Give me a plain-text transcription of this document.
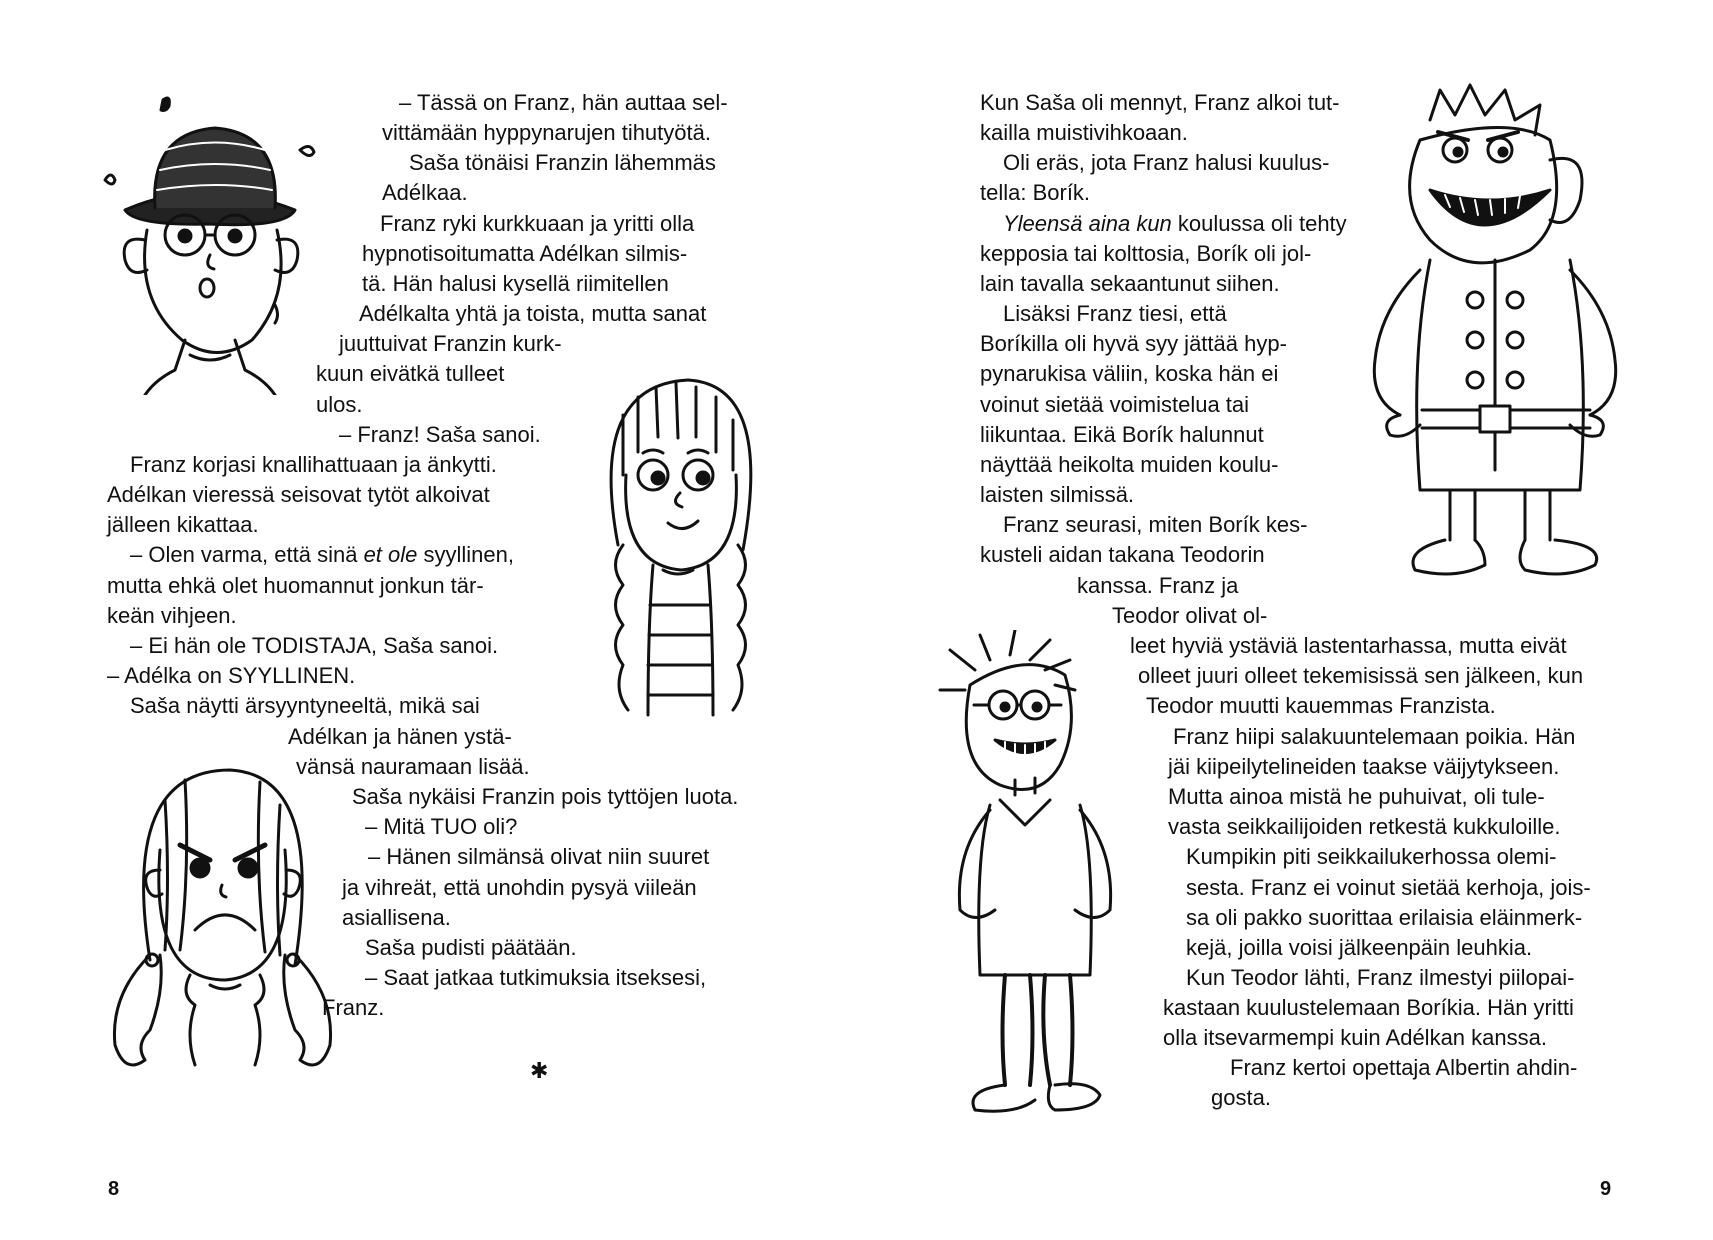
– Tässä on Franz, hän auttaa sel-
vittämään hyppynarujen tihutyötä.
Saša tönäisi Franzin lähemmäs
Adélkaa.
Franz ryki kurkkuaan ja yritti olla
hypnotisoitumatta Adélkan silmis-
tä. Hän halusi kysellä riimitellen
Adélkalta yhtä ja toista, mutta sanat
juuttuivat Franzin kurk-
kuun eivätkä tulleet
ulos.
– Franz! Saša sanoi.
Franz korjasi knallihattuaan ja änkytti.
Adélkan vieressä seisovat tytöt alkoivat
jälleen kikattaa.
– Olen varma, että sinä et ole syyllinen,
mutta ehkä olet huomannut jonkun tär-
keän vihjeen.
– Ei hän ole TODISTAJA, Saša sanoi.
– Adélka on SYYLLINEN.
Saša näytti ärsyyntyneeltä, mikä sai
Adélkan ja hänen ystä-
vänsä nauramaan lisää.
Saša nykäisi Franzin pois tyttöjen luota.
– Mitä TUO oli?
– Hänen silmänsä olivat niin suuret
ja vihreät, että unohdin pysyä viileän
asiallisena.
Saša pudisti päätään.
– Saat jatkaa tutkimuksia itseksesi,
Franz.
✱
8
Kun Saša oli mennyt, Franz alkoi tut-
kailla muistivihkoaan.
Oli eräs, jota Franz halusi kuulus-
tella: Borík.
Yleensä aina kun koulussa oli tehty
kepposia tai kolttosia, Borík oli jol-
lain tavalla sekaantunut siihen.
Lisäksi Franz tiesi, että
Boríkilla oli hyvä syy jättää hyp-
pynarukisa väliin, koska hän ei
voinut sietää voimistelua tai
liikuntaa. Eikä Borík halunnut
näyttää heikolta muiden koulu-
laisten silmissä.
Franz seurasi, miten Borík kes-
kusteli aidan takana Teodorin
kanssa. Franz ja
Teodor olivat ol-
leet hyviä ystäviä lastentarhassa, mutta eivät
olleet juuri olleet tekemisissä sen jälkeen, kun
Teodor muutti kauemmas Franzista.
Franz hiipi salakuuntelemaan poikia. Hän
jäi kiipeilytelineiden taakse väijytykseen.
Mutta ainoa mistä he puhuivat, oli tule-
vasta seikkailijoiden retkestä kukkuloille.
Kumpikin piti seikkailukerhossa olemi-
sesta. Franz ei voinut sietää kerhoja, jois-
sa oli pakko suorittaa erilaisia eläinmerk-
kejä, joilla voisi jälkeenpäin leuhkia.
Kun Teodor lähti, Franz ilmestyi piilopai-
kastaan kuulustelemaan Boríkia. Hän yritti
olla itsevarmempi kuin Adélkan kanssa.
Franz kertoi opettaja Albertin ahdin-
gosta.
9
